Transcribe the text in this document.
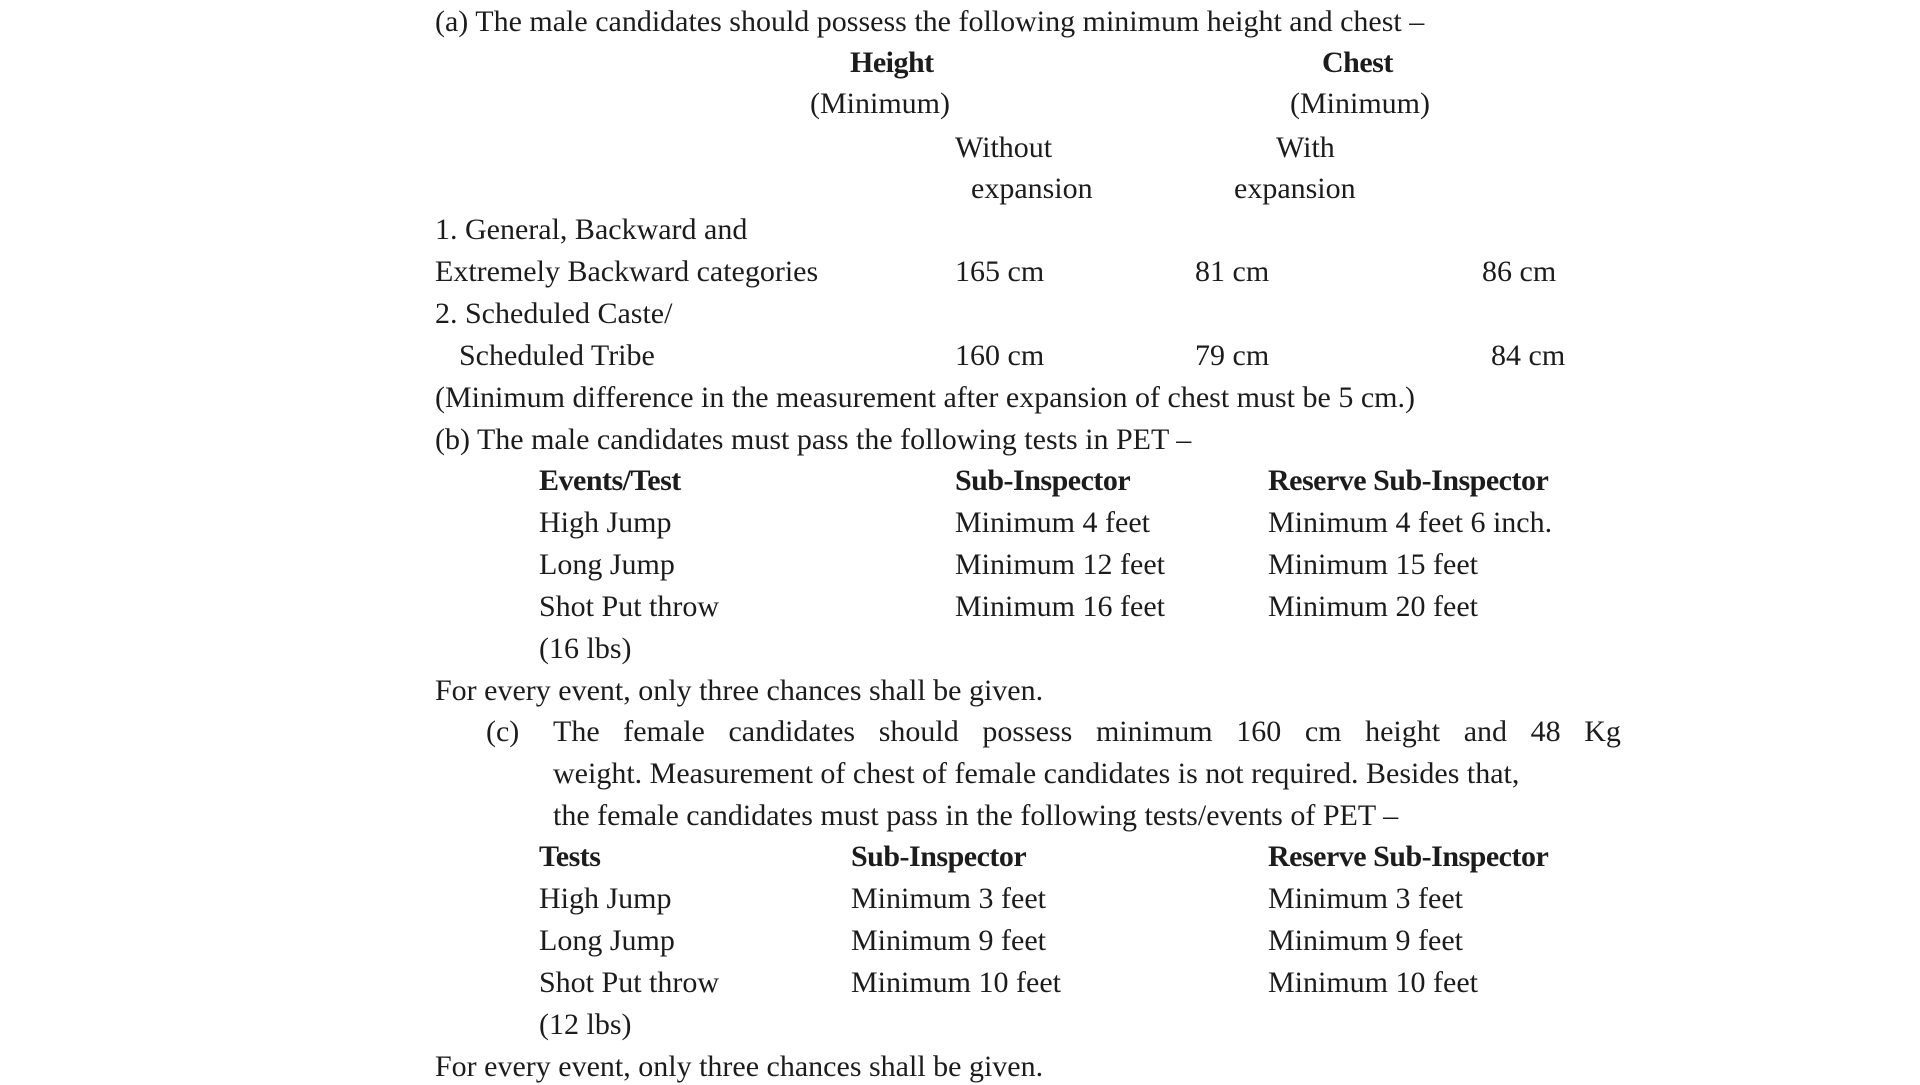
(a) The male candidates should possess the following minimum height and chest –
Height	Chest
(Minimum)	(Minimum)
Without	With
expansion	expansion
1. General, Backward and
Extremely Backward categories	165 cm	81 cm	86 cm
2. Scheduled Caste/
Scheduled Tribe	160 cm	79 cm	84 cm
(Minimum difference in the measurement after expansion of chest must be 5 cm.)
(b) The male candidates must pass the following tests in PET –
Events/Test	Sub-Inspector	Reserve Sub-Inspector
High Jump	Minimum 4 feet	Minimum 4 feet 6 inch.
Long Jump	Minimum 12 feet	Minimum 15 feet
Shot Put throw	Minimum 16 feet	Minimum 20 feet
(16 lbs)
For every event, only three chances shall be given.
(c) The female candidates should possess minimum 160 cm height and 48 Kg
weight. Measurement of chest of female candidates is not required. Besides that,
the female candidates must pass in the following tests/events of PET –
Tests	Sub-Inspector	Reserve Sub-Inspector
High Jump	Minimum 3 feet	Minimum 3 feet
Long Jump	Minimum 9 feet	Minimum 9 feet
Shot Put throw	Minimum 10 feet	Minimum 10 feet
(12 lbs)
For every event, only three chances shall be given.
